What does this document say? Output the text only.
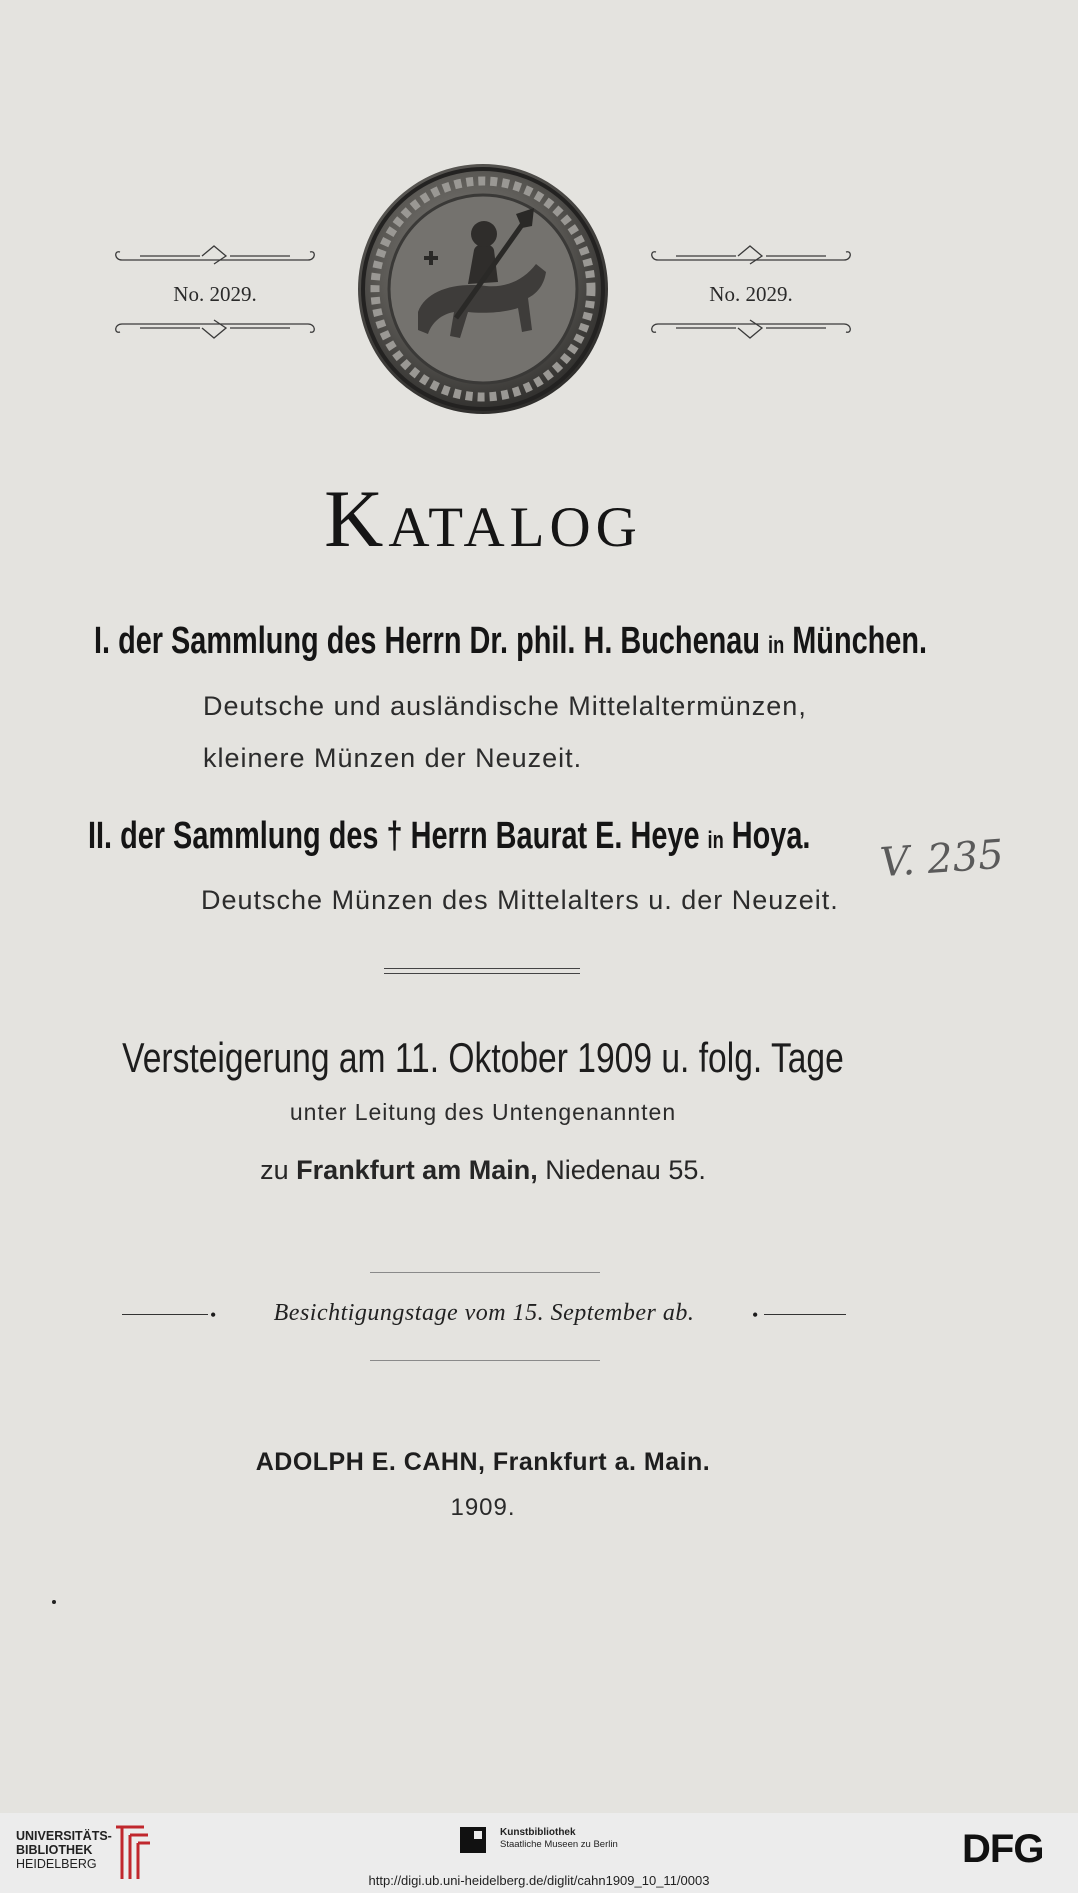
No. 2029.	No. 2029.
Katalog
I. der Sammlung des Herrn Dr. phil. H. Buchenau in München.
Deutsche und ausländische Mittelaltermünzen,
kleinere Münzen der Neuzeit.
II. der Sammlung des † Herrn Baurat E. Heye in Hoya.
Deutsche Münzen des Mittelalters u. der Neuzeit.
V. 235
Versteigerung am 11. Oktober 1909 u. folg. Tage
unter Leitung des Untengenannten
zu Frankfurt am Main, Niedenau 55.
•	Besichtigungstage vom 15. September ab.	•
ADOLPH E. CAHN, Frankfurt a. Main.
1909.
UNIVERSITÄTS-
BIBLIOTHEK
HEIDELBERG
Kunstbibliothek
Staatliche Museen zu Berlin
http://digi.ub.uni-heidelberg.de/diglit/cahn1909_10_11/0003
DFG
